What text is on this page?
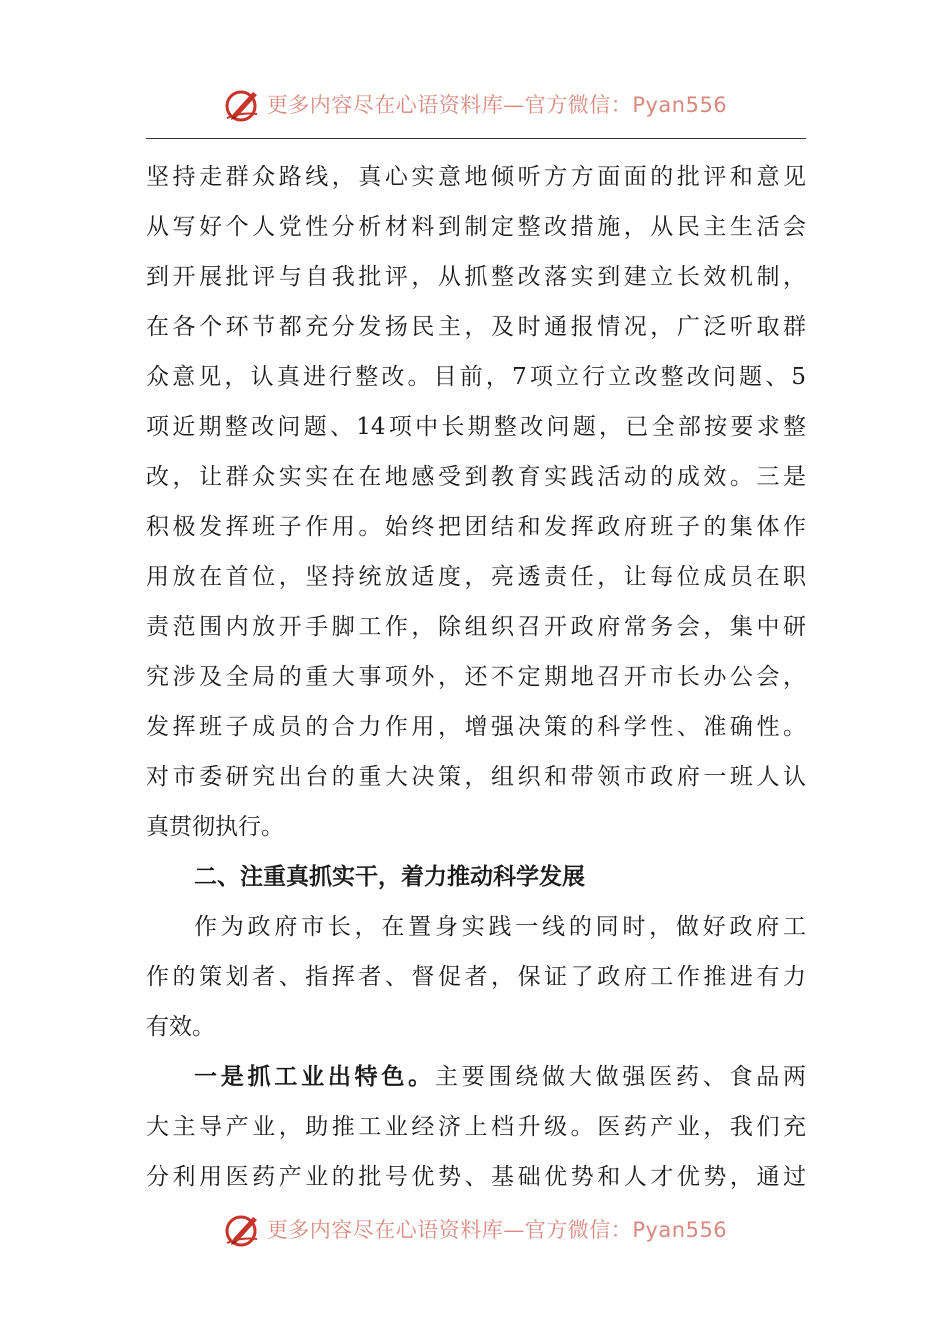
更多内容尽在心语资料库—官方微信：Pyan556

坚持走群众路线，真心实意地倾听方方面面的批评和意见
从写好个人党性分析材料到制定整改措施，从民主生活会
到开展批评与自我批评，从抓整改落实到建立长效机制，
在各个环节都充分发扬民主，及时通报情况，广泛听取群
众意见，认真进行整改。目前，7项立行立改整改问题、5
项近期整改问题、14项中长期整改问题，已全部按要求整
改，让群众实实在在地感受到教育实践活动的成效。三是
积极发挥班子作用。始终把团结和发挥政府班子的集体作
用放在首位，坚持统放适度，亮透责任，让每位成员在职
责范围内放开手脚工作，除组织召开政府常务会，集中研
究涉及全局的重大事项外，还不定期地召开市长办公会，
发挥班子成员的合力作用，增强决策的科学性、准确性。
对市委研究出台的重大决策，组织和带领市政府一班人认
真贯彻执行。

二、注重真抓实干，着力推动科学发展

作为政府市长，在置身实践一线的同时，做好政府工
作的策划者、指挥者、督促者，保证了政府工作推进有力
有效。

一是抓工业出特色。主要围绕做大做强医药、食品两
大主导产业，助推工业经济上档升级。医药产业，我们充
分利用医药产业的批号优势、基础优势和人才优势，通过

更多内容尽在心语资料库—官方微信：Pyan556
